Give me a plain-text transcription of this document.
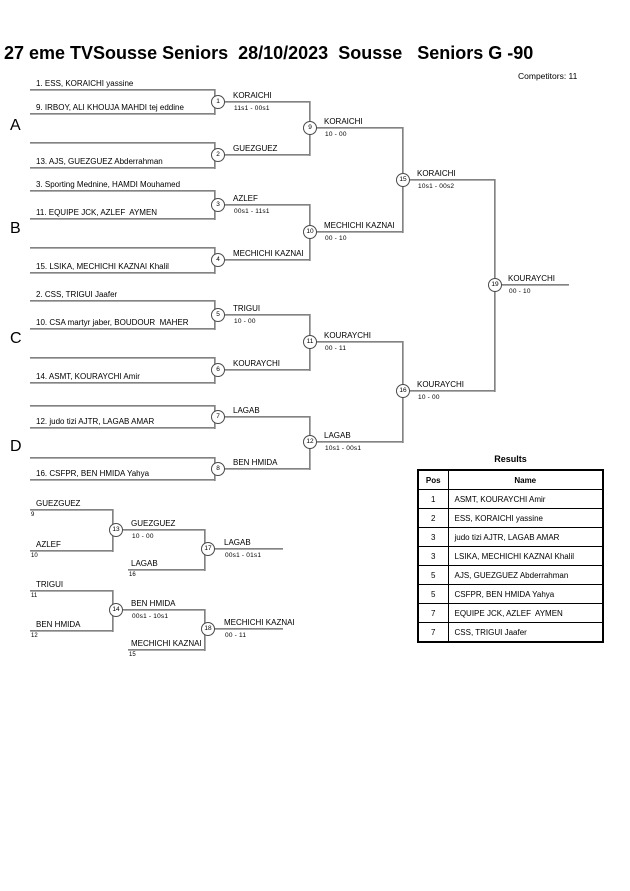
27 eme TVSousse Seniors  28/10/2023  Sousse   Seniors G -90
Competitors: 11
A
B
C
D
1. ESS, KORAICHI yassine
9. IRBOY, ALI KHOUJA MAHDI tej eddine
13. AJS, GUEZGUEZ Abderrahman
3. Sporting Mednine, HAMDI Mouhamed
11. EQUIPE JCK, AZLEF  AYMEN
15. LSIKA, MECHICHI KAZNAI Khalil
2. CSS, TRIGUI Jaafer
10. CSA martyr jaber, BOUDOUR  MAHER
14. ASMT, KOURAYCHI Amir
12. judo tizi AJTR, LAGAB AMAR
16. CSFPR, BEN HMIDA Yahya
1
KORAICHI
11s1 - 00s1
2
GUEZGUEZ
3
AZLEF
00s1 - 11s1
4
MECHICHI KAZNAI
5
TRIGUI
10 - 00
6
KOURAYCHI
7
LAGAB
8
BEN HMIDA
9
KORAICHI
10 - 00
10
MECHICHI KAZNAI
00 - 10
11
KOURAYCHI
00 - 11
12
LAGAB
10s1 - 00s1
15
KORAICHI
10s1 - 00s2
16
KOURAYCHI
10 - 00
19
KOURAYCHI
00 - 10
GUEZGUEZ
9
AZLEF
10
LAGAB
16
TRIGUI
11
BEN HMIDA
12
MECHICHI KAZNAI
15
13
GUEZGUEZ
10 - 00
17
LAGAB
00s1 - 01s1
14
BEN HMIDA
00s1 - 10s1
18
MECHICHI KAZNAI
00 - 11
Results
Pos	Name
1	ASMT, KOURAYCHI Amir
2	ESS, KORAICHI yassine
3	judo tizi AJTR, LAGAB AMAR
3	LSIKA, MECHICHI KAZNAI Khalil
5	AJS, GUEZGUEZ Abderrahman
5	CSFPR, BEN HMIDA Yahya
7	EQUIPE JCK, AZLEF  AYMEN
7	CSS, TRIGUI Jaafer
